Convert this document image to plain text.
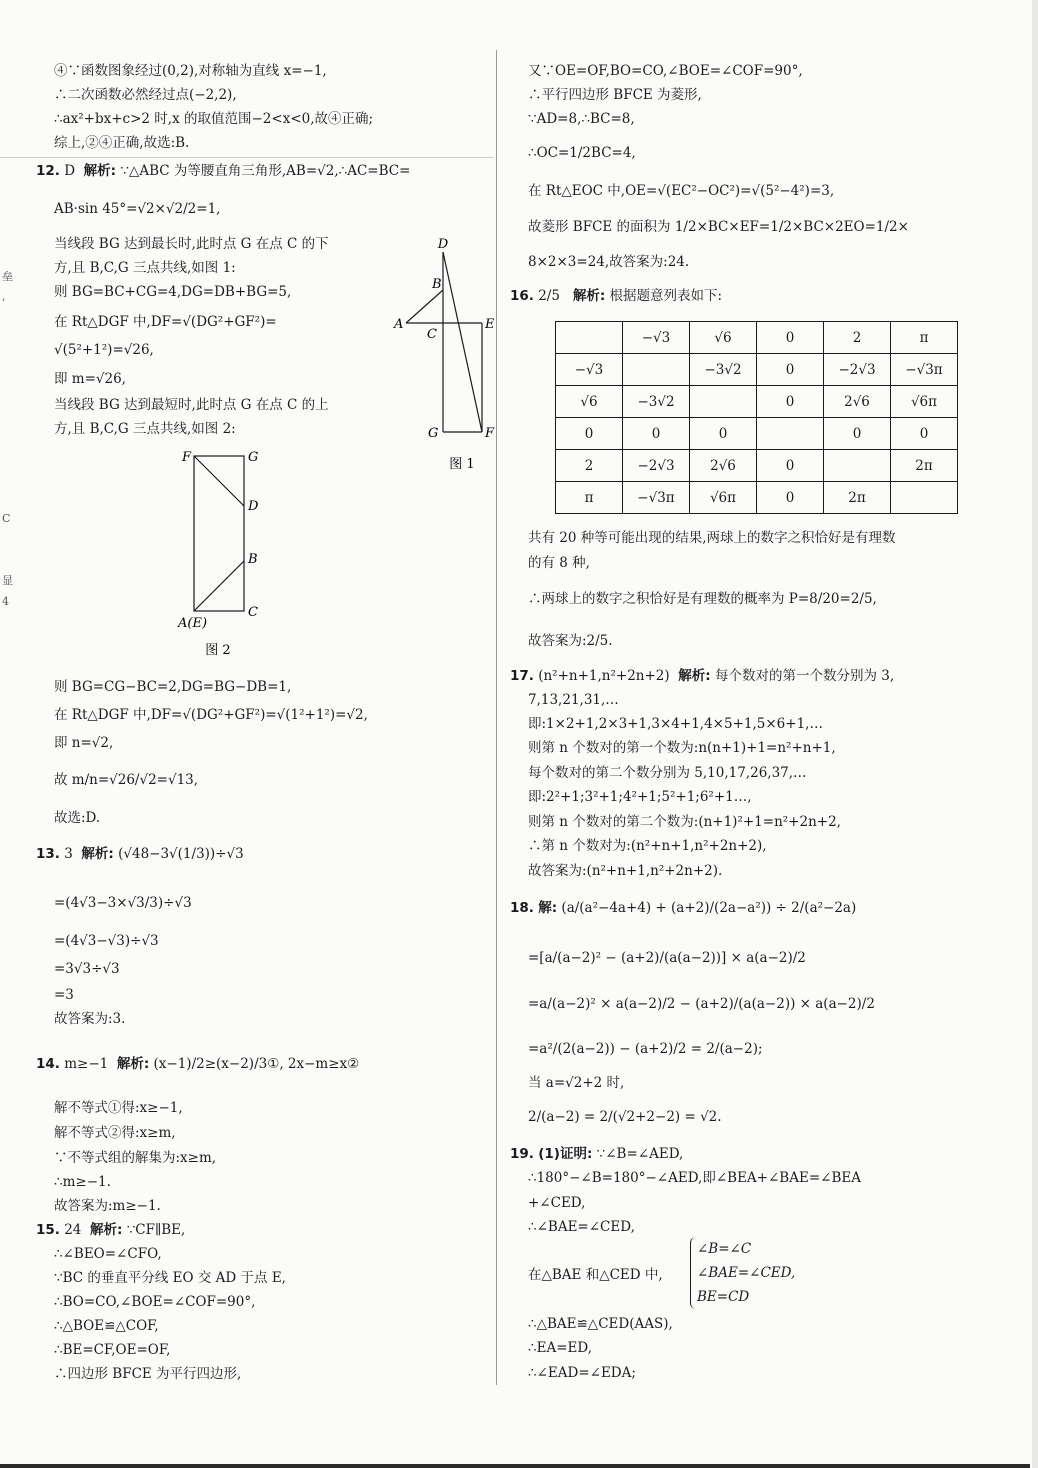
垒
,
C
显
4
④∵函数图象经过(0,2),对称轴为直线 x=−1,
∴二次函数必然经过点(−2,2),
∴ax²+bx+c>2 时,x 的取值范围−2<x<0,故④正确;
综上,②④正确,故选:B.
12. D 解析: ∵△ABC 为等腰直角三角形,AB=√2,∴AC=BC=
AB·sin 45°=√2×√2/2=1,
当线段 BG 达到最长时,此时点 G 在点 C 的下
方,且 B,C,G 三点共线,如图 1:
则 BG=BC+CG=4,DG=DB+BG=5,
在 Rt△DGF 中,DF=√(DG²+GF²)=
√(5²+1²)=√26,
即 m=√26,
当线段 BG 达到最短时,此时点 G 在点 C 的上
方,且 B,C,G 三点共线,如图 2:
D
B
A
C
E
G	F
图 1
F	G
D
B
A(E)
C
图 2
则 BG=CG−BC=2,DG=BG−DB=1,
在 Rt△DGF 中,DF=√(DG²+GF²)=√(1²+1²)=√2,
即 n=√2,
故 m/n=√26/√2=√13,
故选:D.
13. 3 解析: (√48−3√(1/3))÷√3
=(4√3−3×√3/3)÷√3
=(4√3−√3)÷√3
=3√3÷√3
=3
故答案为:3.
14. m≥−1 解析: (x−1)/2≥(x−2)/3①, 2x−m≥x②
解不等式①得:x≥−1,
解不等式②得:x≥m,
∵不等式组的解集为:x≥m,
∴m≥−1.
故答案为:m≥−1.
15. 24 解析: ∵CF∥BE,
∴∠BEO=∠CFO,
∵BC 的垂直平分线 EO 交 AD 于点 E,
∴BO=CO,∠BOE=∠COF=90°,
∴△BOE≌△COF,
∴BE=CF,OE=OF,
∴四边形 BFCE 为平行四边形,
又∵OE=OF,BO=CO,∠BOE=∠COF=90°,
∴平行四边形 BFCE 为菱形,
∵AD=8,∴BC=8,
∴OC=1/2BC=4,
在 Rt△EOC 中,OE=√(EC²−OC²)=√(5²−4²)=3,
故菱形 BFCE 的面积为 1/2×BC×EF=1/2×BC×2EO=1/2×
8×2×3=24,故答案为:24.
16. 2/5 解析: 根据题意列表如下:
	−√3	√6	0	2	π
−√3		−3√2	0	−2√3	−√3π
√6	−3√2		0	2√6	√6π
0	0	0		0	0
2	−2√3	2√6	0		2π
π	−√3π	√6π	0	2π	
共有 20 种等可能出现的结果,两球上的数字之积恰好是有理数
的有 8 种,
∴两球上的数字之积恰好是有理数的概率为 P=8/20=2/5,
故答案为:2/5.
17. (n²+n+1,n²+2n+2) 解析: 每个数对的第一个数分别为 3,
7,13,21,31,…
即:1×2+1,2×3+1,3×4+1,4×5+1,5×6+1,…
则第 n 个数对的第一个数为:n(n+1)+1=n²+n+1,
每个数对的第二个数分别为 5,10,17,26,37,…
即:2²+1;3²+1;4²+1;5²+1;6²+1…,
则第 n 个数对的第二个数为:(n+1)²+1=n²+2n+2,
∴第 n 个数对为:(n²+n+1,n²+2n+2),
故答案为:(n²+n+1,n²+2n+2).
18. 解: (a/(a²−4a+4) + (a+2)/(2a−a²)) ÷ 2/(a²−2a)
=[a/(a−2)² − (a+2)/(a(a−2))] × a(a−2)/2
=a/(a−2)² × a(a−2)/2 − (a+2)/(a(a−2)) × a(a−2)/2
=a²/(2(a−2)) − (a+2)/2 = 2/(a−2);
当 a=√2+2 时,
2/(a−2) = 2/(√2+2−2) = √2.
19. (1)证明: ∵∠B=∠AED,
∴180°−∠B=180°−∠AED,即∠BEA+∠BAE=∠BEA
+∠CED,
∴∠BAE=∠CED,
在△BAE 和△CED 中,
∠B=∠C
∠BAE=∠CED,
BE=CD
∴△BAE≌△CED(AAS),
∴EA=ED,
∴∠EAD=∠EDA;
